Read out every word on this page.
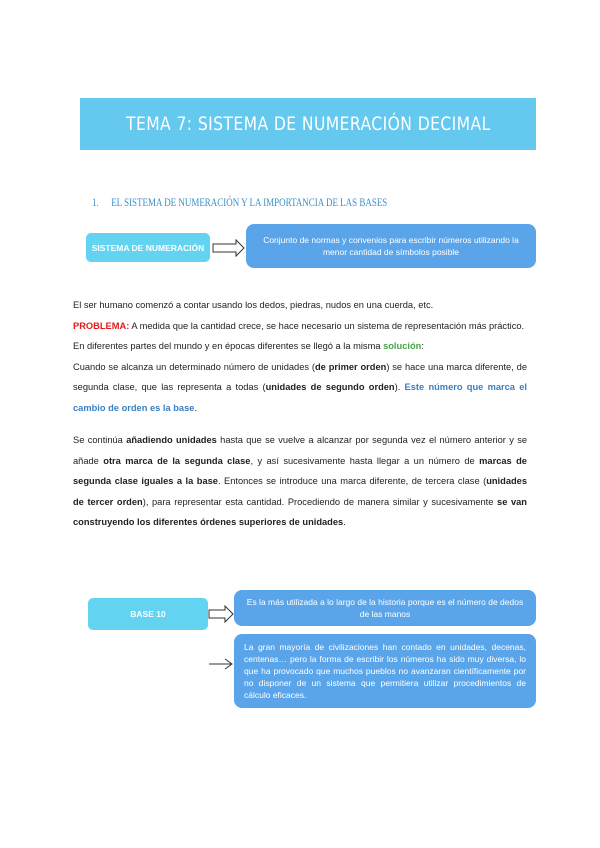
TEMA 7: SISTEMA DE NUMERACIÓN DECIMAL
1. EL SISTEMA DE NUMERACIÓN Y LA IMPORTANCIA DE LAS BASES
SISTEMA DE NUMERACIÓN
Conjunto de normas y convenios para escribir números utilizando la menor cantidad de símbolos posible
El ser humano comenzó a contar usando los dedos, piedras, nudos en una cuerda, etc.
PROBLEMA: A medida que la cantidad crece, se hace necesario un sistema de representación más práctico.
En diferentes partes del mundo y en épocas diferentes se llegó a la misma solución:
Cuando se alcanza un determinado número de unidades (de primer orden) se hace una marca diferente, de segunda clase, que las representa a todas (unidades de segundo orden). Este número que marca el cambio de orden es la base.
Se continúa añadiendo unidades hasta que se vuelve a alcanzar por segunda vez el número anterior y se añade otra marca de la segunda clase, y así sucesivamente hasta llegar a un número de marcas de segunda clase iguales a la base. Entonces se introduce una marca diferente, de tercera clase (unidades de tercer orden), para representar esta cantidad. Procediendo de manera similar y sucesivamente se van construyendo los diferentes órdenes superiores de unidades.
BASE 10
Es la más utilizada a lo largo de la historia porque es el número de dedos de las manos
La gran mayoría de civilizaciones han contado en unidades, decenas, centenas… pero la forma de escribir los números ha sido muy diversa, lo que ha provocado que muchos pueblos no avanzaran científicamente por no disponer de un sistema que permitiera utilizar procedimientos de cálculo eficaces.
